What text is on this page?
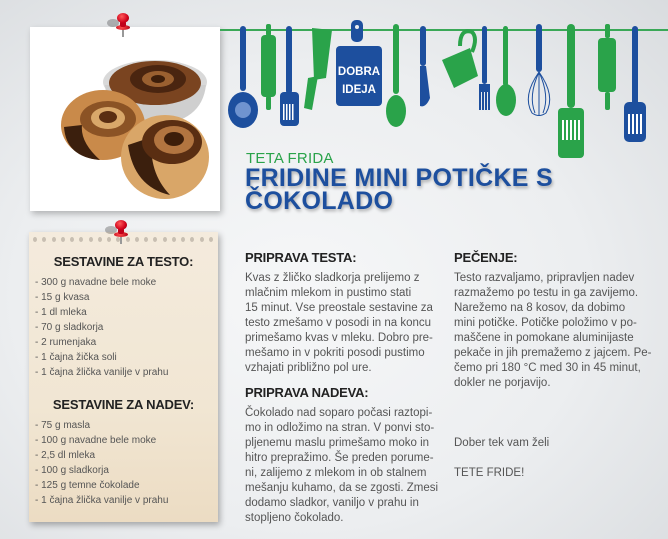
DOBRA
IDEJA
TETA FRIDA
FRIDINE MINI POTIČKE S
ČOKOLADO
SESTAVINE ZA TESTO:
- 300 g navadne bele moke
- 15 g kvasa
- 1 dl mleka
- 70 g sladkorja
- 2 rumenjaka
- 1 čajna žička soli
- 1 čajna žlička vanilje v prahu
SESTAVINE ZA NADEV:
- 75 g masla
- 100 g navadne bele moke
- 2,5 dl mleka
- 100 g sladkorja
- 125 g temne čokolade
- 1 čajna žlička vanilje v prahu
PRIPRAVA TESTA:

Kvas z žličko sladkorja prelijemo z
mlačnim mlekom in pustimo stati
15 minut. Vse preostale sestavine za
testo zmešamo v posodi in na koncu
primešamo kvas v mleku. Dobro pre-
mešamo in v pokriti posodi pustimo
vzhajati približno pol ure.

PRIPRAVA NADEVA:

Čokolado nad soparo počasi raztopi-
mo in odložimo na stran. V ponvi sto-
pljenemu maslu primešamo moko in
hitro prepražimo. Še preden porume-
ni, zalijemo z mlekom in ob stalnem
mešanju kuhamo, da se zgosti. Zmesi
dodamo sladkor, vaniljo v prahu in
stopljeno čokolado.

PEČENJE:

Testo razvaljamo, pripravljen nadev
razmažemo po testu in ga zavijemo.
Narežemo na 8 kosov, da dobimo
mini potičke. Potičke položimo v po-
maščene in pomokane aluminijaste
pekače in jih premažemo z jajcem. Pe-
čemo pri 180 °C med 30 in 45 minut,
dokler ne porjavijo.

Dober tek vam želi

TETE FRIDE!
